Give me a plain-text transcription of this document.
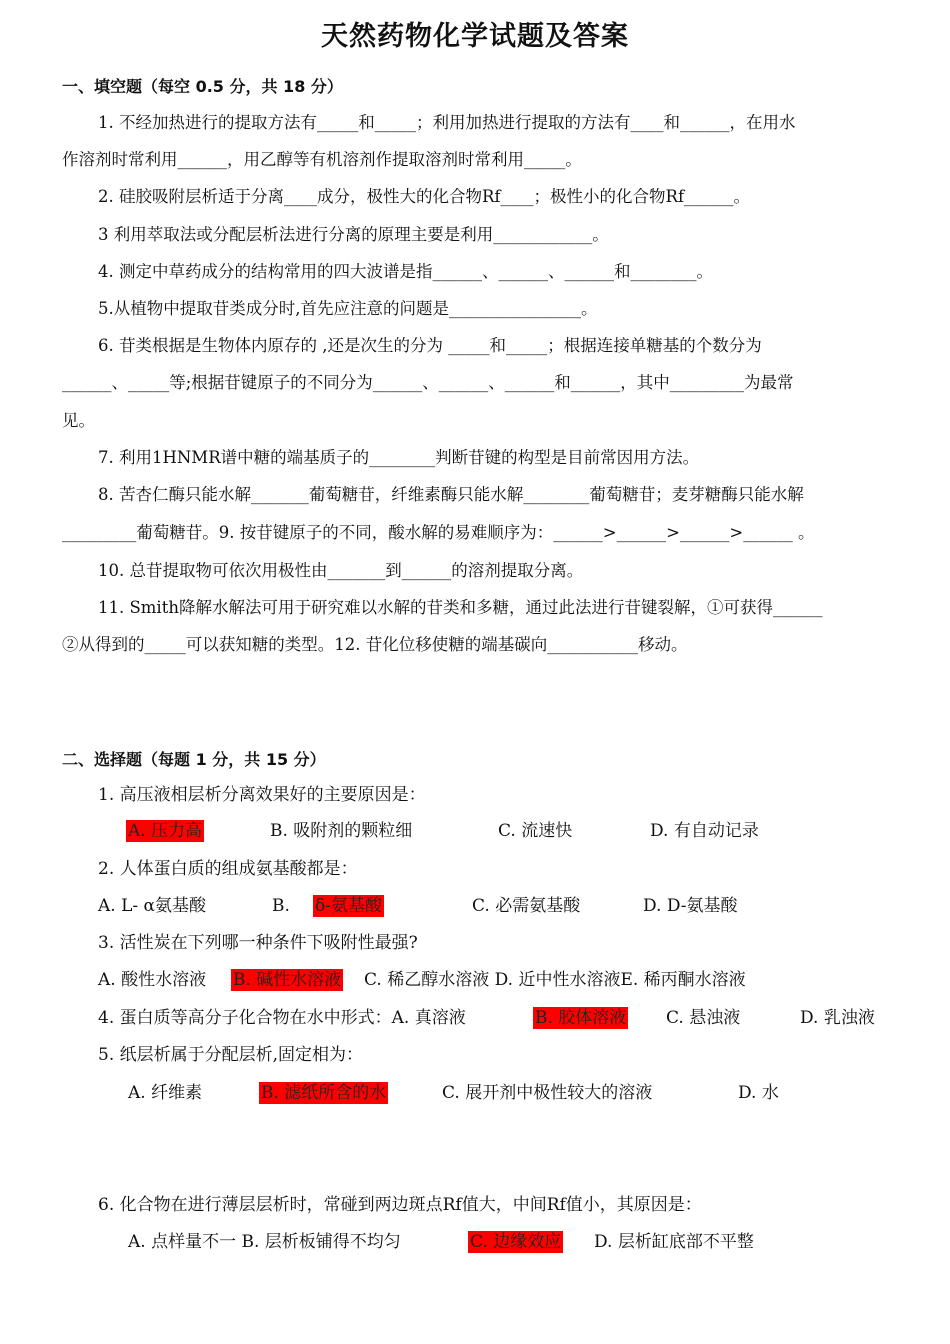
天然药物化学试题及答案
一、填空题（每空 0.5 分，共 18 分）
1. 不经加热进行的提取方法有_____和_____；利用加热进行提取的方法有____和______，在用水
作溶剂时常利用______，用乙醇等有机溶剂作提取溶剂时常利用_____。
2. 硅胶吸附层析适于分离____成分，极性大的化合物Rf____；极性小的化合物Rf______。
3 利用萃取法或分配层析法进行分离的原理主要是利用____________。
4. 测定中草药成分的结构常用的四大波谱是指______、______、______和________。
5.从植物中提取苷类成分时,首先应注意的问题是________________。
6. 苷类根据是生物体内原存的 ,还是次生的分为 _____和_____；根据连接单糖基的个数分为
______、_____等;根据苷键原子的不同分为______、______、______和______，其中_________为最常
见。
7. 利用1HNMR谱中糖的端基质子的________判断苷键的构型是目前常因用方法。
8. 苦杏仁酶只能水解_______葡萄糖苷，纤维素酶只能水解________葡萄糖苷；麦芽糖酶只能水解
_________葡萄糖苷。9. 按苷键原子的不同，酸水解的易难顺序为：______>______>______>______ 。
10. 总苷提取物可依次用极性由_______到______的溶剂提取分离。
11. Smith降解水解法可用于研究难以水解的苷类和多糖，通过此法进行苷键裂解，①可获得______
②从得到的_____可以获知糖的类型。12. 苷化位移使糖的端基碳向___________移动。
二、选择题（每题 1 分，共 15 分）
1. 高压液相层析分离效果好的主要原因是：
A. 压力高	B. 吸附剂的颗粒细	C. 流速快	D. 有自动记录
2. 人体蛋白质的组成氨基酸都是：
A. L- α氨基酸	B. δ-氨基酸	C. 必需氨基酸	D. D-氨基酸
3. 活性炭在下列哪一种条件下吸附性最强?
A. 酸性水溶液 B. 碱性水溶液 C. 稀乙醇水溶液 D. 近中性水溶液E. 稀丙酮水溶液
4. 蛋白质等高分子化合物在水中形式：A. 真溶液	B. 胶体溶液 C. 悬浊液	D. 乳浊液
5. 纸层析属于分配层析,固定相为：
A. 纤维素	B. 滤纸所含的水	C. 展开剂中极性较大的溶液	D. 水
6. 化合物在进行薄层层析时，常碰到两边斑点Rf值大，中间Rf值小，其原因是：
A. 点样量不一 B. 层析板铺得不均匀	C. 边缘效应 D. 层析缸底部不平整
